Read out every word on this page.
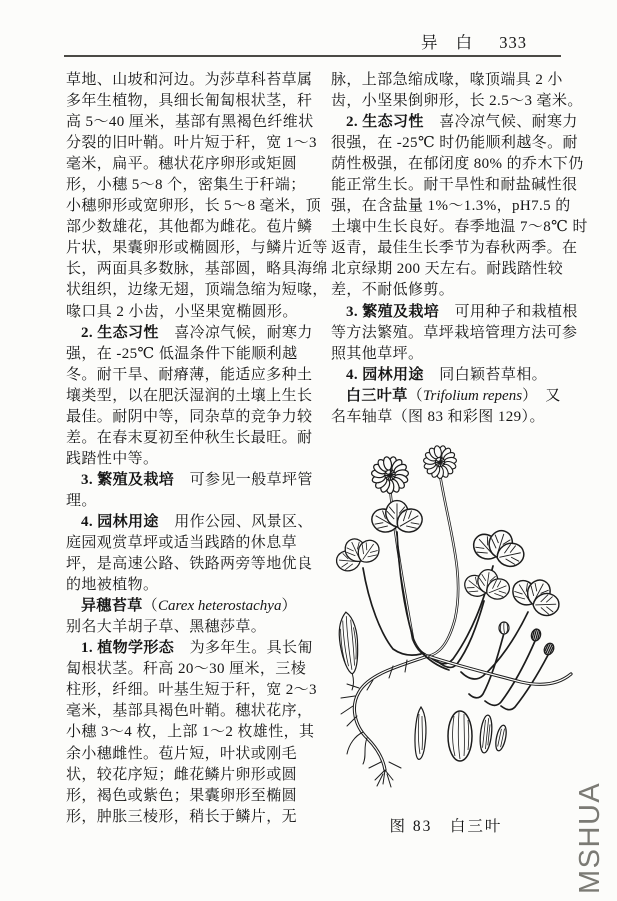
异 白 333
草地、山坡和河边。为莎草科苔草属
多年生植物，具细长匍匐根状茎，秆
高 5～40 厘米，基部有黑褐色纤维状
分裂的旧叶鞘。叶片短于秆，宽 1～3
毫米，扁平。穗状花序卵形或矩圆
形，小穗 5～8 个，密集生于秆端；
小穗卵形或宽卵形，长 5～8 毫米，顶
部少数雄花，其他都为雌花。苞片鳞
片状，果囊卵形或椭圆形，与鳞片近等
长，两面具多数脉，基部圆，略具海绵
状组织，边缘无翅，顶端急缩为短喙，
喙口具 2 小齿，小坚果宽椭圆形。
2. 生态习性　喜冷凉气候，耐寒力
强，在 -25℃ 低温条件下能顺利越
冬。耐干旱、耐瘠薄，能适应多种土
壤类型，以在肥沃湿润的土壤上生长
最佳。耐阴中等，同杂草的竞争力较
差。在春末夏初至仲秋生长最旺。耐
践踏性中等。
3. 繁殖及栽培　可参见一般草坪管
理。
4. 园林用途　用作公园、风景区、
庭园观赏草坪或适当践踏的休息草
坪，是高速公路、铁路两旁等地优良
的地被植物。
异穗苔草（Carex heterostachya）
别名大羊胡子草、黑穗莎草。
1. 植物学形态　为多年生。具长匍
匐根状茎。秆高 20～30 厘米，三棱
柱形，纤细。叶基生短于秆，宽 2～3
毫米，基部具褐色叶鞘。穗状花序，
小穗 3～4 枚，上部 1～2 枚雄性，其
余小穗雌性。苞片短，叶状或刚毛
状，较花序短；雌花鳞片卵形或圆
形，褐色或紫色；果囊卵形至椭圆
形，肿胀三棱形，稍长于鳞片，无
脉，上部急缩成喙，喙顶端具 2 小
齿，小坚果倒卵形，长 2.5～3 毫米。
2. 生态习性　喜冷凉气候、耐寒力
很强，在 -25℃ 时仍能顺利越冬。耐
荫性极强，在郁闭度 80% 的乔木下仍
能正常生长。耐干旱性和耐盐碱性很
强，在含盐量 1%～1.3%，pH7.5 的
土壤中生长良好。春季地温 7～8℃ 时
返青，最佳生长季节为春秋两季。在
北京绿期 200 天左右。耐践踏性较
差，不耐低修剪。
3. 繁殖及栽培　可用种子和栽植根
等方法繁殖。草坪栽培管理方法可参
照其他草坪。
4. 园林用途　同白颖苔草相。
白三叶草（Trifolium repens）　又
名车轴草（图 83 和彩图 129）。
图 83　白三叶	MSHUA
